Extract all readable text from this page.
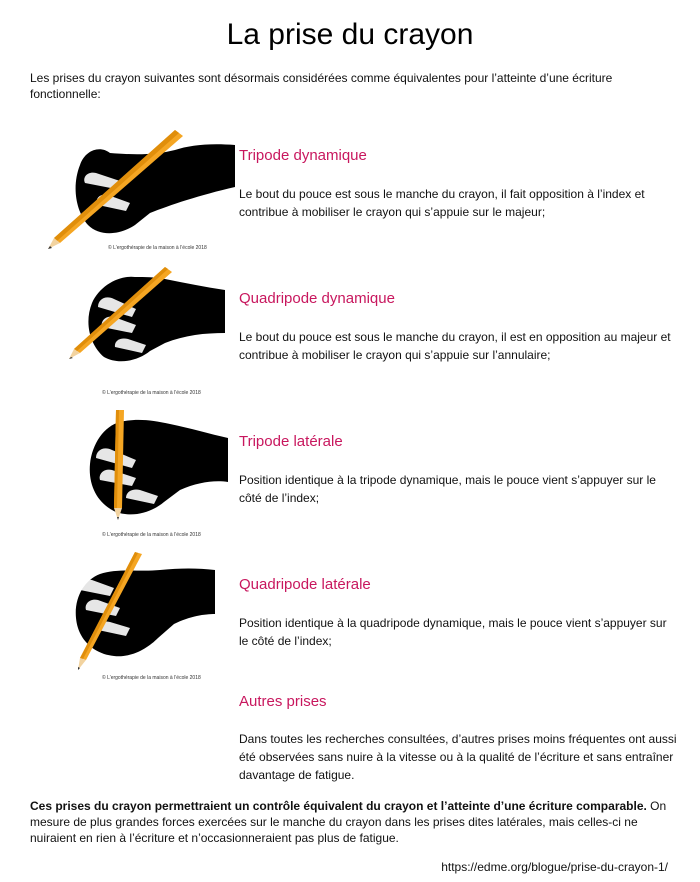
La prise du crayon

Les prises du crayon suivantes sont désormais considérées comme équivalentes pour l’atteinte d’une écriture fonctionnelle:

© L’ergothérapie de la maison à l’école 2018
Tripode dynamique

Le bout du pouce est sous le manche du crayon, il fait opposition à l’index et contribue à mobiliser le crayon qui s’appuie sur le majeur;

© L’ergothérapie de la maison à l’école 2018
Quadripode dynamique

Le bout du pouce est sous le manche du crayon, il est en opposition au majeur et contribue à mobiliser le crayon qui s’appuie sur l’annulaire;

© L’ergothérapie de la maison à l’école 2018
Tripode latérale

Position identique à la tripode dynamique, mais le pouce vient s’appuyer sur le côté de l’index;

© L’ergothérapie de la maison à l’école 2018
Quadripode latérale

Position identique à la quadripode dynamique, mais le pouce vient s’appuyer sur le côté de l’index;

Autres prises

Dans toutes les recherches consultées, d’autres prises moins fréquentes ont aussi été observées sans nuire à la vitesse ou à la qualité de l’écriture et sans entraîner davantage de fatigue.

Ces prises du crayon permettraient un contrôle équivalent du crayon et l’atteinte d’une écriture comparable. On mesure de plus grandes forces exercées sur le manche du crayon dans les prises dites latérales, mais celles-ci ne nuiraient en rien à l’écriture et n’occasionneraient pas plus de fatigue.

https://edme.org/blogue/prise-du-crayon-1/
